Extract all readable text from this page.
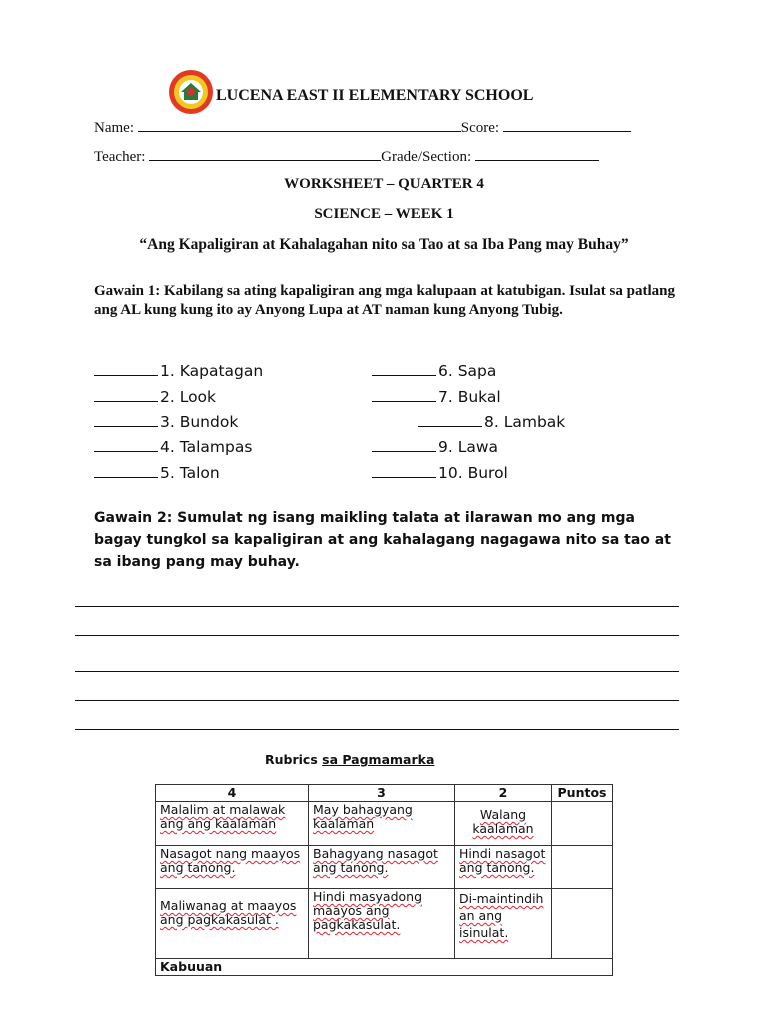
LUCENA EAST II ELEMENTARY SCHOOL
Name:	Score:
Teacher:	Grade/Section:
WORKSHEET – QUARTER 4
SCIENCE – WEEK 1
“Ang Kapaligiran at Kahalagahan nito sa Tao at sa Iba Pang may Buhay”
Gawain 1: Kabilang sa ating kapaligiran ang mga kalupaan at katubigan. Isulat sa patlang ang AL kung kung ito ay Anyong Lupa at AT naman kung Anyong Tubig.
1. Kapatagan
2. Look
3. Bundok
4. Talampas
5. Talon
6. Sapa
7. Bukal
8. Lambak
9. Lawa
10. Burol
Gawain 2: Sumulat ng isang maikling talata at ilarawan mo ang mga bagay tungkol sa kapaligiran at ang kahalagang nagagawa nito sa tao at sa ibang pang may buhay.
Rubrics sa Pagmamarka
4	3	2	Puntos
Malalim at malawak ang ang kaalaman	May bahagyang kaalaman	Walang kaalaman	
Nasagot nang maayos ang tanong.	Bahagyang nasagot ang tanong.	Hindi nasagot ang tanong.	
Maliwanag at maayos ang pagkakasulat .	Hindi masyadong maayos ang pagkakasulat.	Di-maintindih an ang isinulat.	
Kabuuan			
